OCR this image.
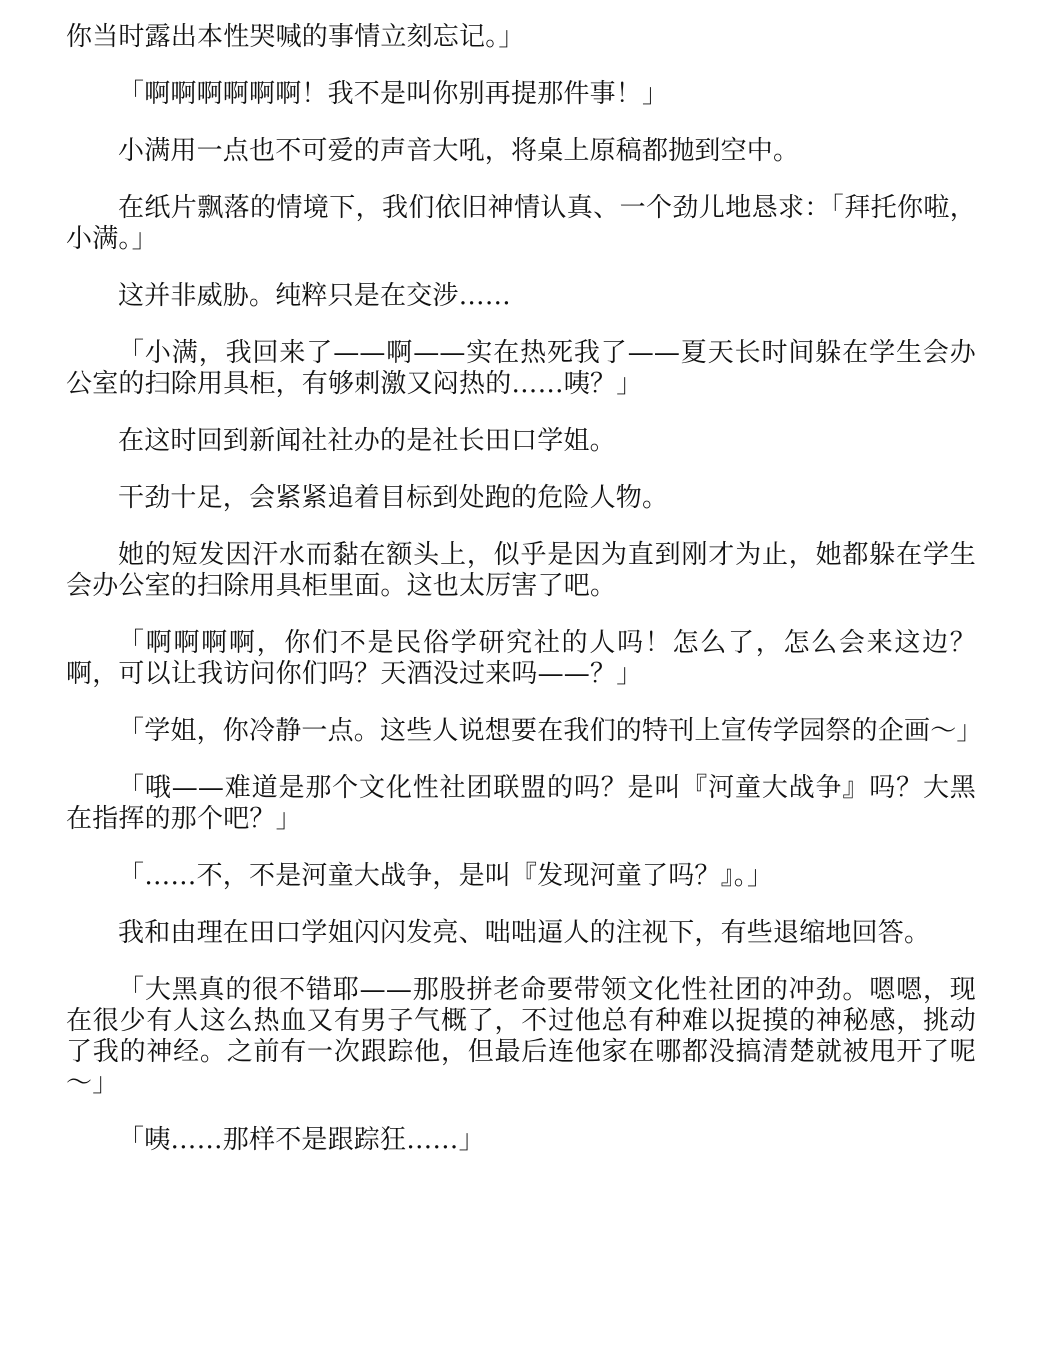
你当时露出本性哭喊的事情立刻忘记。」

「啊啊啊啊啊啊！我不是叫你别再提那件事！」

小满用一点也不可爱的声音大吼，将桌上原稿都抛到空中。

在纸片飘落的情境下，我们依旧神情认真、一个劲儿地恳求：「拜托你啦，小满。」

这并非威胁。纯粹只是在交涉……

「小满，我回来了——啊——实在热死我了——夏天长时间躲在学生会办公室的扫除用具柜，有够刺激又闷热的……咦？」

在这时回到新闻社社办的是社长田口学姐。

干劲十足，会紧紧追着目标到处跑的危险人物。

她的短发因汗水而黏在额头上，似乎是因为直到刚才为止，她都躲在学生会办公室的扫除用具柜里面。这也太厉害了吧。

「啊啊啊啊，你们不是民俗学研究社的人吗！怎么了，怎么会来这边？啊，可以让我访问你们吗？天酒没过来吗——？」

「学姐，你冷静一点。这些人说想要在我们的特刊上宣传学园祭的企画～」

「哦——难道是那个文化性社团联盟的吗？是叫『河童大战争』吗？大黑在指挥的那个吧？」

「……不，不是河童大战争，是叫『发现河童了吗？』。」

我和由理在田口学姐闪闪发亮、咄咄逼人的注视下，有些退缩地回答。

「大黑真的很不错耶——那股拼老命要带领文化性社团的冲劲。嗯嗯，现在很少有人这么热血又有男子气概了，不过他总有种难以捉摸的神秘感，挑动了我的神经。之前有一次跟踪他，但最后连他家在哪都没搞清楚就被甩开了呢～」

「咦……那样不是跟踪狂……」
